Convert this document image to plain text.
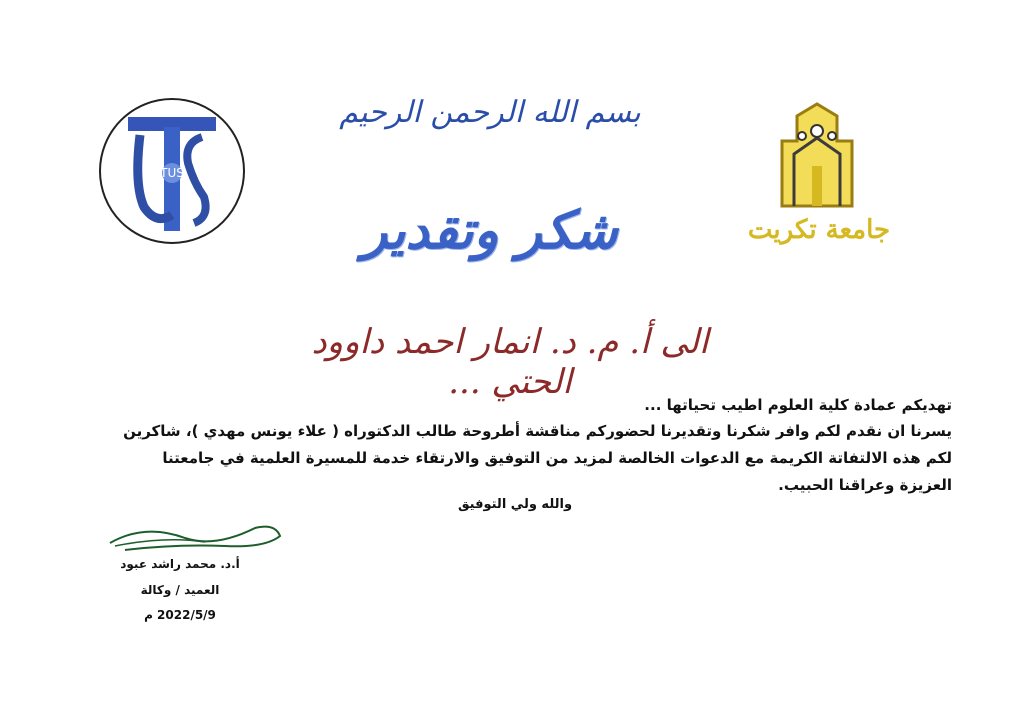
TUS
جامعة تكريت
بسم الله الرحمن الرحيم
شكر وتقدير
الى أ. م. د. انمار احمد داوود الحتي ...
تهديكم عمادة كلية العلوم اطيب تحياتها ...
يسرنا ان نقدم لكم وافر شكرنا وتقديرنا لحضوركم مناقشة أطروحة طالب الدكتوراه ( علاء يونس مهدي )، شاكرين لكم هذه الالتفاتة الكريمة مع الدعوات الخالصة لمزيد من التوفيق والارتقاء خدمة للمسيرة العلمية في جامعتنا العزيزة وعراقنا الحبيب.
والله ولي التوفيق
أ.د. محمد راشد عبود
العميد / وكالة
2022/5/9 م
